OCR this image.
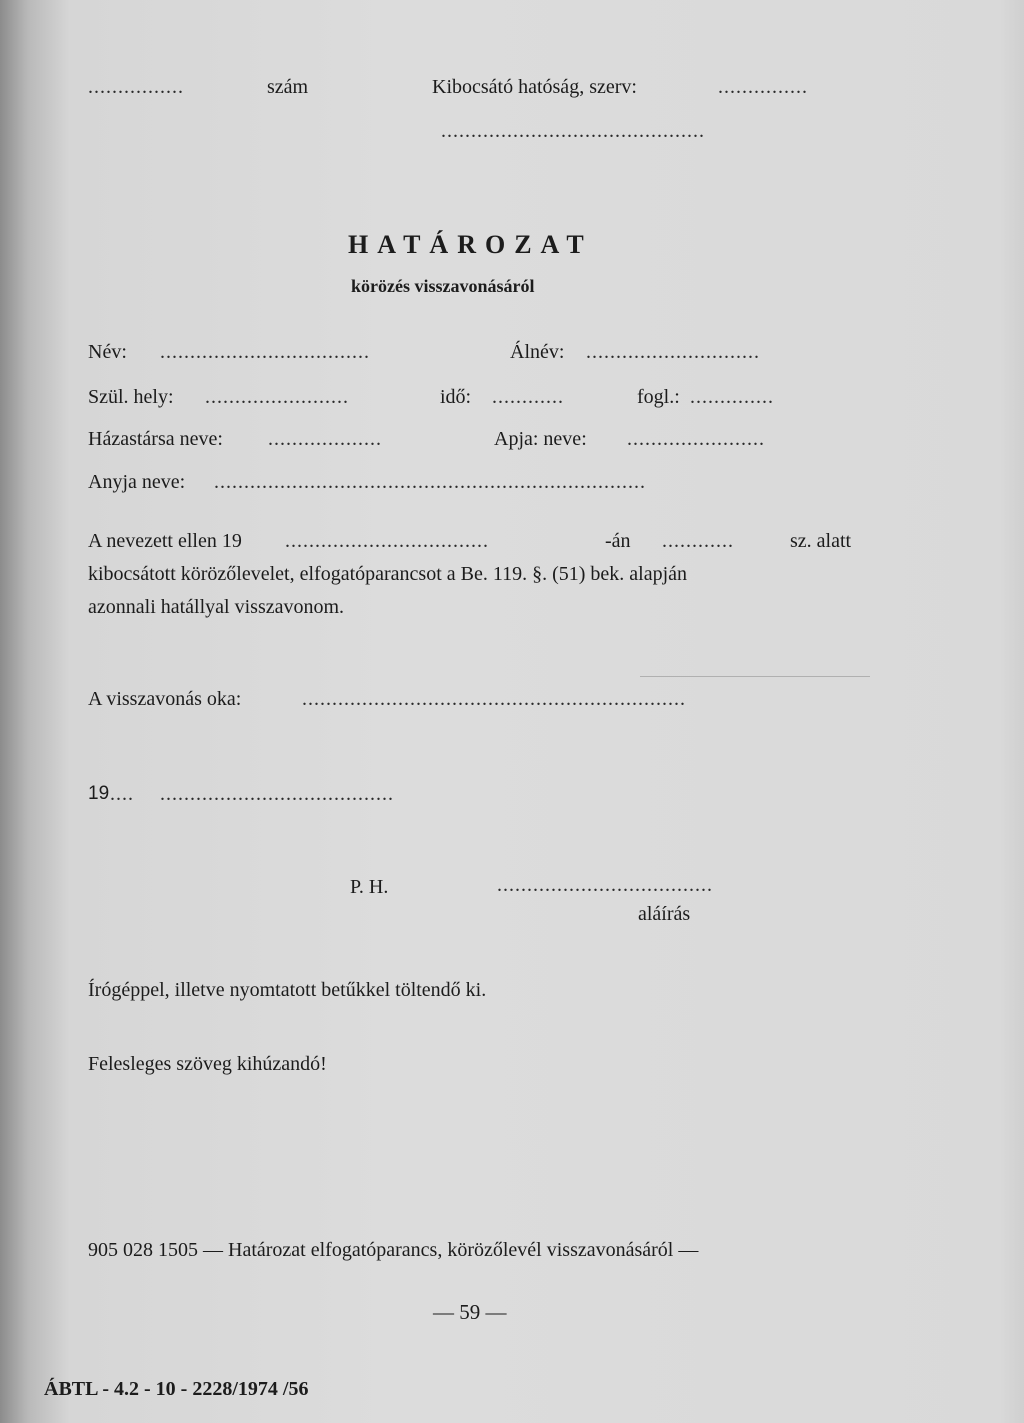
................	szám	Kibocsátó hatóság, szerv:	...............
............................................
HATÁROZAT
körözés visszavonásáról
Név: ...................................	Álnév: .............................
Szül. hely: ........................	idő: ............	fogl.: ..............
Házastársa neve: ...................	Apja: neve: .......................
Anyja neve: ........................................................................
A nevezett ellen 19 ..................................	-án ............	sz. alatt
kibocsátott körözőlevelet, elfogatóparancsot a Be. 119. §. (51) bek. alapján
azonnali hatállyal visszavonom.
A visszavonás oka:	................................................................
19 .... .......................................
P. H.	....................................
aláírás
Írógéppel, illetve nyomtatott betűkkel töltendő ki.
Felesleges szöveg kihúzandó!
905 028 1505 — Határozat elfogatóparancs, körözőlevél visszavonásáról —
— 59 —
ÁBTL - 4.2 - 10 - 2228/1974 /56
